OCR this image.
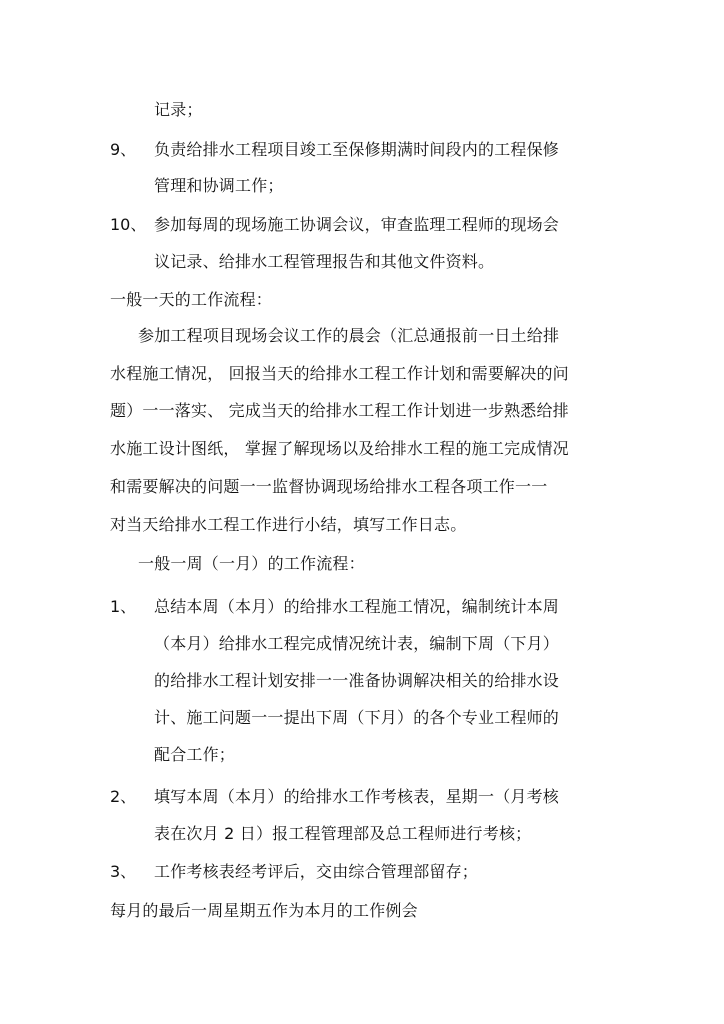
记录；
9、 负责给排水工程项目竣工至保修期满时间段内的工程保修
管理和协调工作；
10、 参加每周的现场施工协调会议，审查监理工程师的现场会
议记录、给排水工程管理报告和其他文件资料。
一般一天的工作流程：
参加工程项目现场会议工作的晨会（汇总通报前一日土给排
水程施工情况， 回报当天的给排水工程工作计划和需要解决的问
题）一一落实、 完成当天的给排水工程工作计划进一步熟悉给排
水施工设计图纸， 掌握了解现场以及给排水工程的施工完成情况
和需要解决的问题一一监督协调现场给排水工程各项工作一一
对当天给排水工程工作进行小结，填写工作日志。
一般一周（一月）的工作流程：
1、 总结本周（本月）的给排水工程施工情况，编制统计本周
（本月）给排水工程完成情况统计表，编制下周（下月）
的给排水工程计划安排一一准备协调解决相关的给排水设
计、施工问题一一提出下周（下月）的各个专业工程师的
配合工作；
2、 填写本周（本月）的给排水工作考核表，星期一（月考核
表在次月 2 日）报工程管理部及总工程师进行考核；
3、 工作考核表经考评后，交由综合管理部留存；
每月的最后一周星期五作为本月的工作例会
